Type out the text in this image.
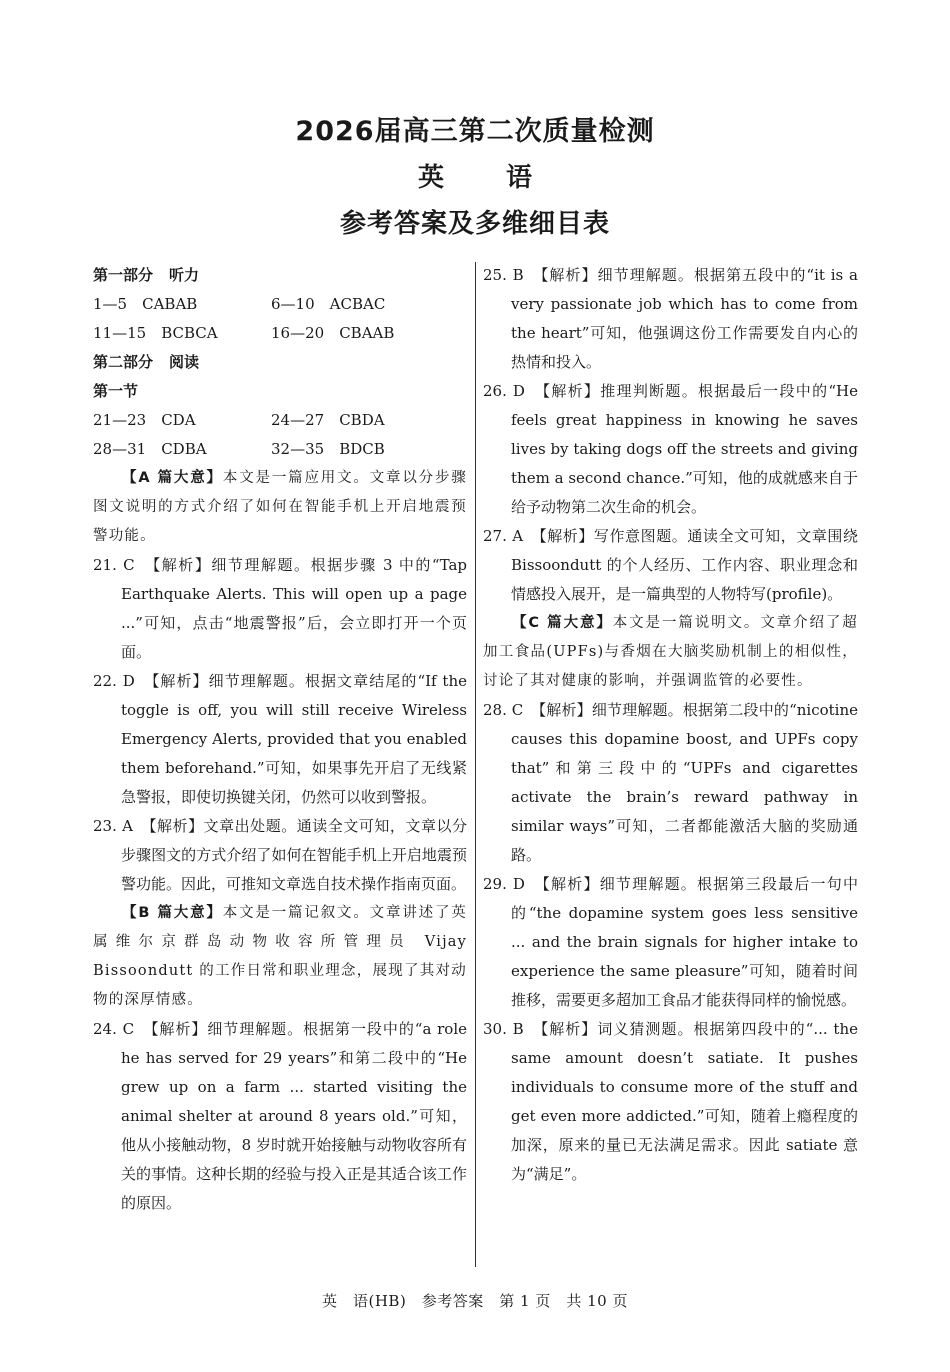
2026届高三第二次质量检测
英　语
参考答案及多维细目表
第一部分 听力
1—5　 CABAB	6—10　 ACBAC
11—15　 BCBCA	16—20　 CBAAB
第二部分 阅读
第一节
21—23　 CDA	24—27　 CBDA
28—31　 CDBA	32—35　 BDCB
【A 篇大意】本文是一篇应用文。文章以分步骤图文说明的方式介绍了如何在智能手机上开启地震预警功能。
21. C　【解析】细节理解题。根据步骤 3 中的“Tap Earthquake Alerts. This will open up a page ...”可知，点击“地震警报”后，会立即打开一个页面。
22. D　【解析】细节理解题。根据文章结尾的“If the toggle is off, you will still receive Wireless Emergency Alerts, provided that you enabled them beforehand.”可知，如果事先开启了无线紧急警报，即使切换键关闭，仍然可以收到警报。
23. A　【解析】文章出处题。通读全文可知，文章以分步骤图文的方式介绍了如何在智能手机上开启地震预警功能。因此，可推知文章选自技术操作指南页面。
【B 篇大意】本文是一篇记叙文。文章讲述了英属维尔京群岛动物收容所管理员 Vijay Bissoondutt 的工作日常和职业理念，展现了其对动物的深厚情感。
24. C　【解析】细节理解题。根据第一段中的“a role he has served for 29 years”和第二段中的“He grew up on a farm ... started visiting the animal shelter at around 8 years old.”可知，他从小接触动物，8 岁时就开始接触与动物收容所有关的事情。这种长期的经验与投入正是其适合该工作的原因。
25. B　【解析】细节理解题。根据第五段中的“it is a very passionate job which has to come from the heart”可知，他强调这份工作需要发自内心的热情和投入。
26. D　【解析】推理判断题。根据最后一段中的“He feels great happiness in knowing he saves lives by taking dogs off the streets and giving them a second chance.”可知，他的成就感来自于给予动物第二次生命的机会。
27. A　【解析】写作意图题。通读全文可知，文章围绕 Bissoondutt 的个人经历、工作内容、职业理念和情感投入展开，是一篇典型的人物特写(profile)。
【C 篇大意】本文是一篇说明文。文章介绍了超加工食品(UPFs)与香烟在大脑奖励机制上的相似性，讨论了其对健康的影响，并强调监管的必要性。
28. C　【解析】细节理解题。根据第二段中的“nicotine causes this dopamine boost, and UPFs copy that”和第三段中的“UPFs and cigarettes activate the brain’s reward pathway in similar ways”可知，二者都能激活大脑的奖励通路。
29. D　【解析】细节理解题。根据第三段最后一句中的“the dopamine system goes less sensitive ... and the brain signals for higher intake to experience the same pleasure”可知，随着时间推移，需要更多超加工食品才能获得同样的愉悦感。
30. B　【解析】词义猜测题。根据第四段中的“... the same amount doesn’t satiate. It pushes individuals to consume more of the stuff and get even more addicted.”可知，随着上瘾程度的加深，原来的量已无法满足需求。因此 satiate 意为“满足”。
英　语(HB)　参考答案　第 1 页　共 10 页
